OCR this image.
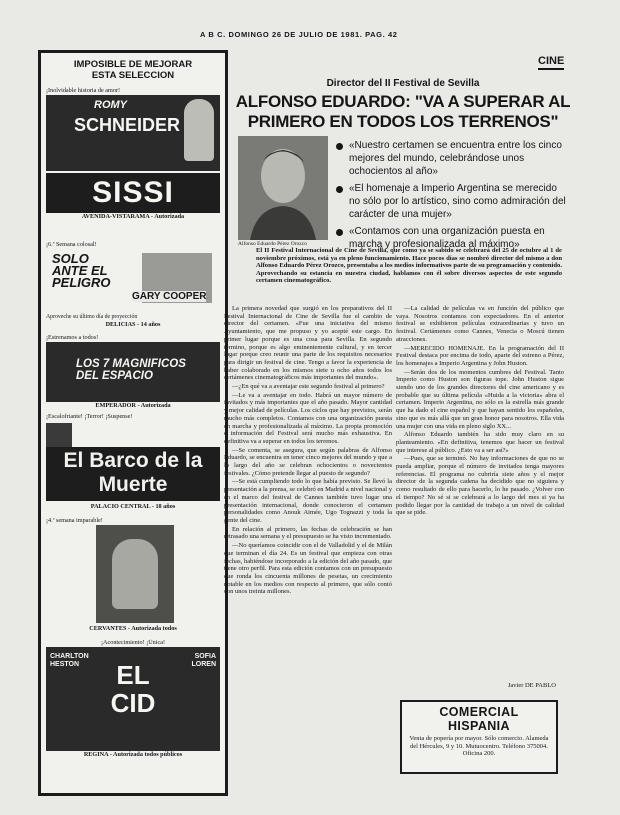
A B C. DOMINGO 26 DE JULIO DE 1981. PAG. 42
CINE
IMPOSIBLE DE MEJORAR
ESTA SELECCION
¡Inolvidable historia de amor!
ROMY
SCHNEIDER
SISSI
AVENIDA-VISTARAMA - Autorizada
¡6.ª Semana colosal!
SOLO ANTE EL PELIGRO
GARY COOPER
Aproveche su último día de proyección
DELICIAS - 14 años
¡Estrenamos a todos!
LOS 7 MAGNIFICOS DEL ESPACIO
EMPERADOR - Autorizada
¡Escalofriante! ¡Terror! ¡Suspense!
El Barco de la Muerte
PALACIO CENTRAL - 18 años
¡4.ª semana imparable!
CERVANTES - Autorizada todos
¡Acontecimiento! ¡Única!
CHARLTON HESTON
SOFIA LOREN
EL CID
REGINA - Autorizada todos públicos
Director del II Festival de Sevilla
ALFONSO EDUARDO: "VA A SUPERAR AL PRIMERO EN TODOS LOS TERRENOS"
Alfonso Eduardo Pérez Orozco
«Nuestro certamen se encuentra entre los cinco mejores del mundo, celebrándose unos ochocientos al año»
«El homenaje a Imperio Argentina se merecido no sólo por lo artístico, sino como admiración del carácter de una mujer»
«Contamos con una organización puesta en marcha y profesionalizada al máximo»
El II Festival Internacional de Cine de Sevilla, que como ya se sabido se celebrará del 25 de octubre al 1 de noviembre próximos, está ya en pleno funcionamiento. Hace pocos días se nombró director del mismo a don Alfonso Eduardo Pérez Orozco, presentaba a los medios informativos parte de su programación y contenido. Aprovechando su estancia en nuestra ciudad, hablamos con él sobre diversos aspectos de este segundo certamen cinematográfico.

La primera novedad que surgió en los preparativos del II Festival Internacional de Cine de Sevilla fue el cambio de director del certamen. «Fue una iniciativa del mismo Ayuntamiento, que me propuso y yo acepté este cargo. En primer lugar porque es una cosa para Sevilla. En segundo término, porque es algo eminentemente cultural, y en tercer lugar porque creo reunir una parte de los requisitos necesarios para dirigir un festival de cine. Tengo a favor la experiencia de haber colaborado en los mismos siete u ocho años todos los certámenes cinematográficos más importantes del mundo».

—¿En qué va a aventajar este segundo festival al primero?

—Le va a aventajar en todo. Habrá un mayor número de invitados y más importantes que el año pasado. Mayor cantidad y mejor calidad de películas. Los ciclos que hay previstos, serán mucho más completos. Contamos con una organización puesta en marcha y profesionalizada al máximo. La propia promoción e información del Festival será mucho más exhaustiva. En definitiva va a superar en todos los terrenos.

—Se comenta, se asegura, que según palabras de Alfonso Eduardo, se encuentra en tener cinco mejores del mundo y que a lo largo del año se celebran ochocientos o novecientos festivales. ¿Cómo pretende llegar al puesto de segundo?

—Se está cumpliendo todo lo que había previsto. Se llevó la presentación a la prensa, se celebró en Madrid a nivel nacional y en el marco del festival de Cannes también tuvo lugar una presentación internacional, donde conocieron el certamen personalidades como Anouk Aimée, Ugo Tognazzi y toda la gente del cine.

En relación al primero, las fechas de celebración se han retrasado una semana y el presupuesto se ha visto incrementado.

—No queríamos coincidir con el de Valladolid y el de Milán que terminan el día 24. Es un festival que empieza con otras fechas, habiéndose incorporado a la edición del año pasado, que tiene otro perfil. Para esta edición contamos con un presupuesto que ronda los cincuenta millones de pesetas, un crecimiento notable en los medios con respecto al primero, que sólo contó con unos treinta millones.

—La calidad de películas va en función del público que vaya. Nosotros contamos con expectadores. En el anterior festival se exhibieron películas extraordinarias y tuvo un festival. Certámenes como Cannes, Venecia o Moscú tienen atracciones.

—MERECIDO HOMENAJE. En la programación del II Festival destaca por encima de todo, aparte del estreno a Pérez, los homenajes a Imperio Argentina y John Huston.

—Serán dos de los momentos cumbres del Festival. Tanto Imperio como Huston son figuras tope. John Huston sigue siendo uno de los grandes directores del cine americano y es probable que su última película «Huida a la victoria» abra el certamen. Imperio Argentina, no sólo es la estrella más grande que ha dado el cine español y que hayan sentido los españoles, sino que es más allá que un gran honor para nosotros. Ella vida una mujer con una vida en pleno siglo XX...

Alfonso Eduardo también ha sido muy claro en su planteamiento. «En definitiva, tenemos que hacer un festival que interese al público. ¿Esto va a ser así?»

—Pues, que se terminó. No hay informaciones de que no se pueda ampliar, porque el número de invitados tenga mayores referencias. El programa no cubriría siete años y el mejor director de la segunda cadena ha decidido que no siguiera y como resultado de ello para hacerlo, lo he pasado. ¿Volver con el tiempo? No sé si se celebrará a lo largo del mes si ya ha podido llegar por la cantidad de trabajo a un nivel de calidad que se pide.

Javier DE PABLO
COMERCIAL HISPANIA
Venta de popería por mayor. Sólo comercio. Alameda del Hércules, 9 y 10. Mutuocentro. Teléfono 375004. Oficina 200.
